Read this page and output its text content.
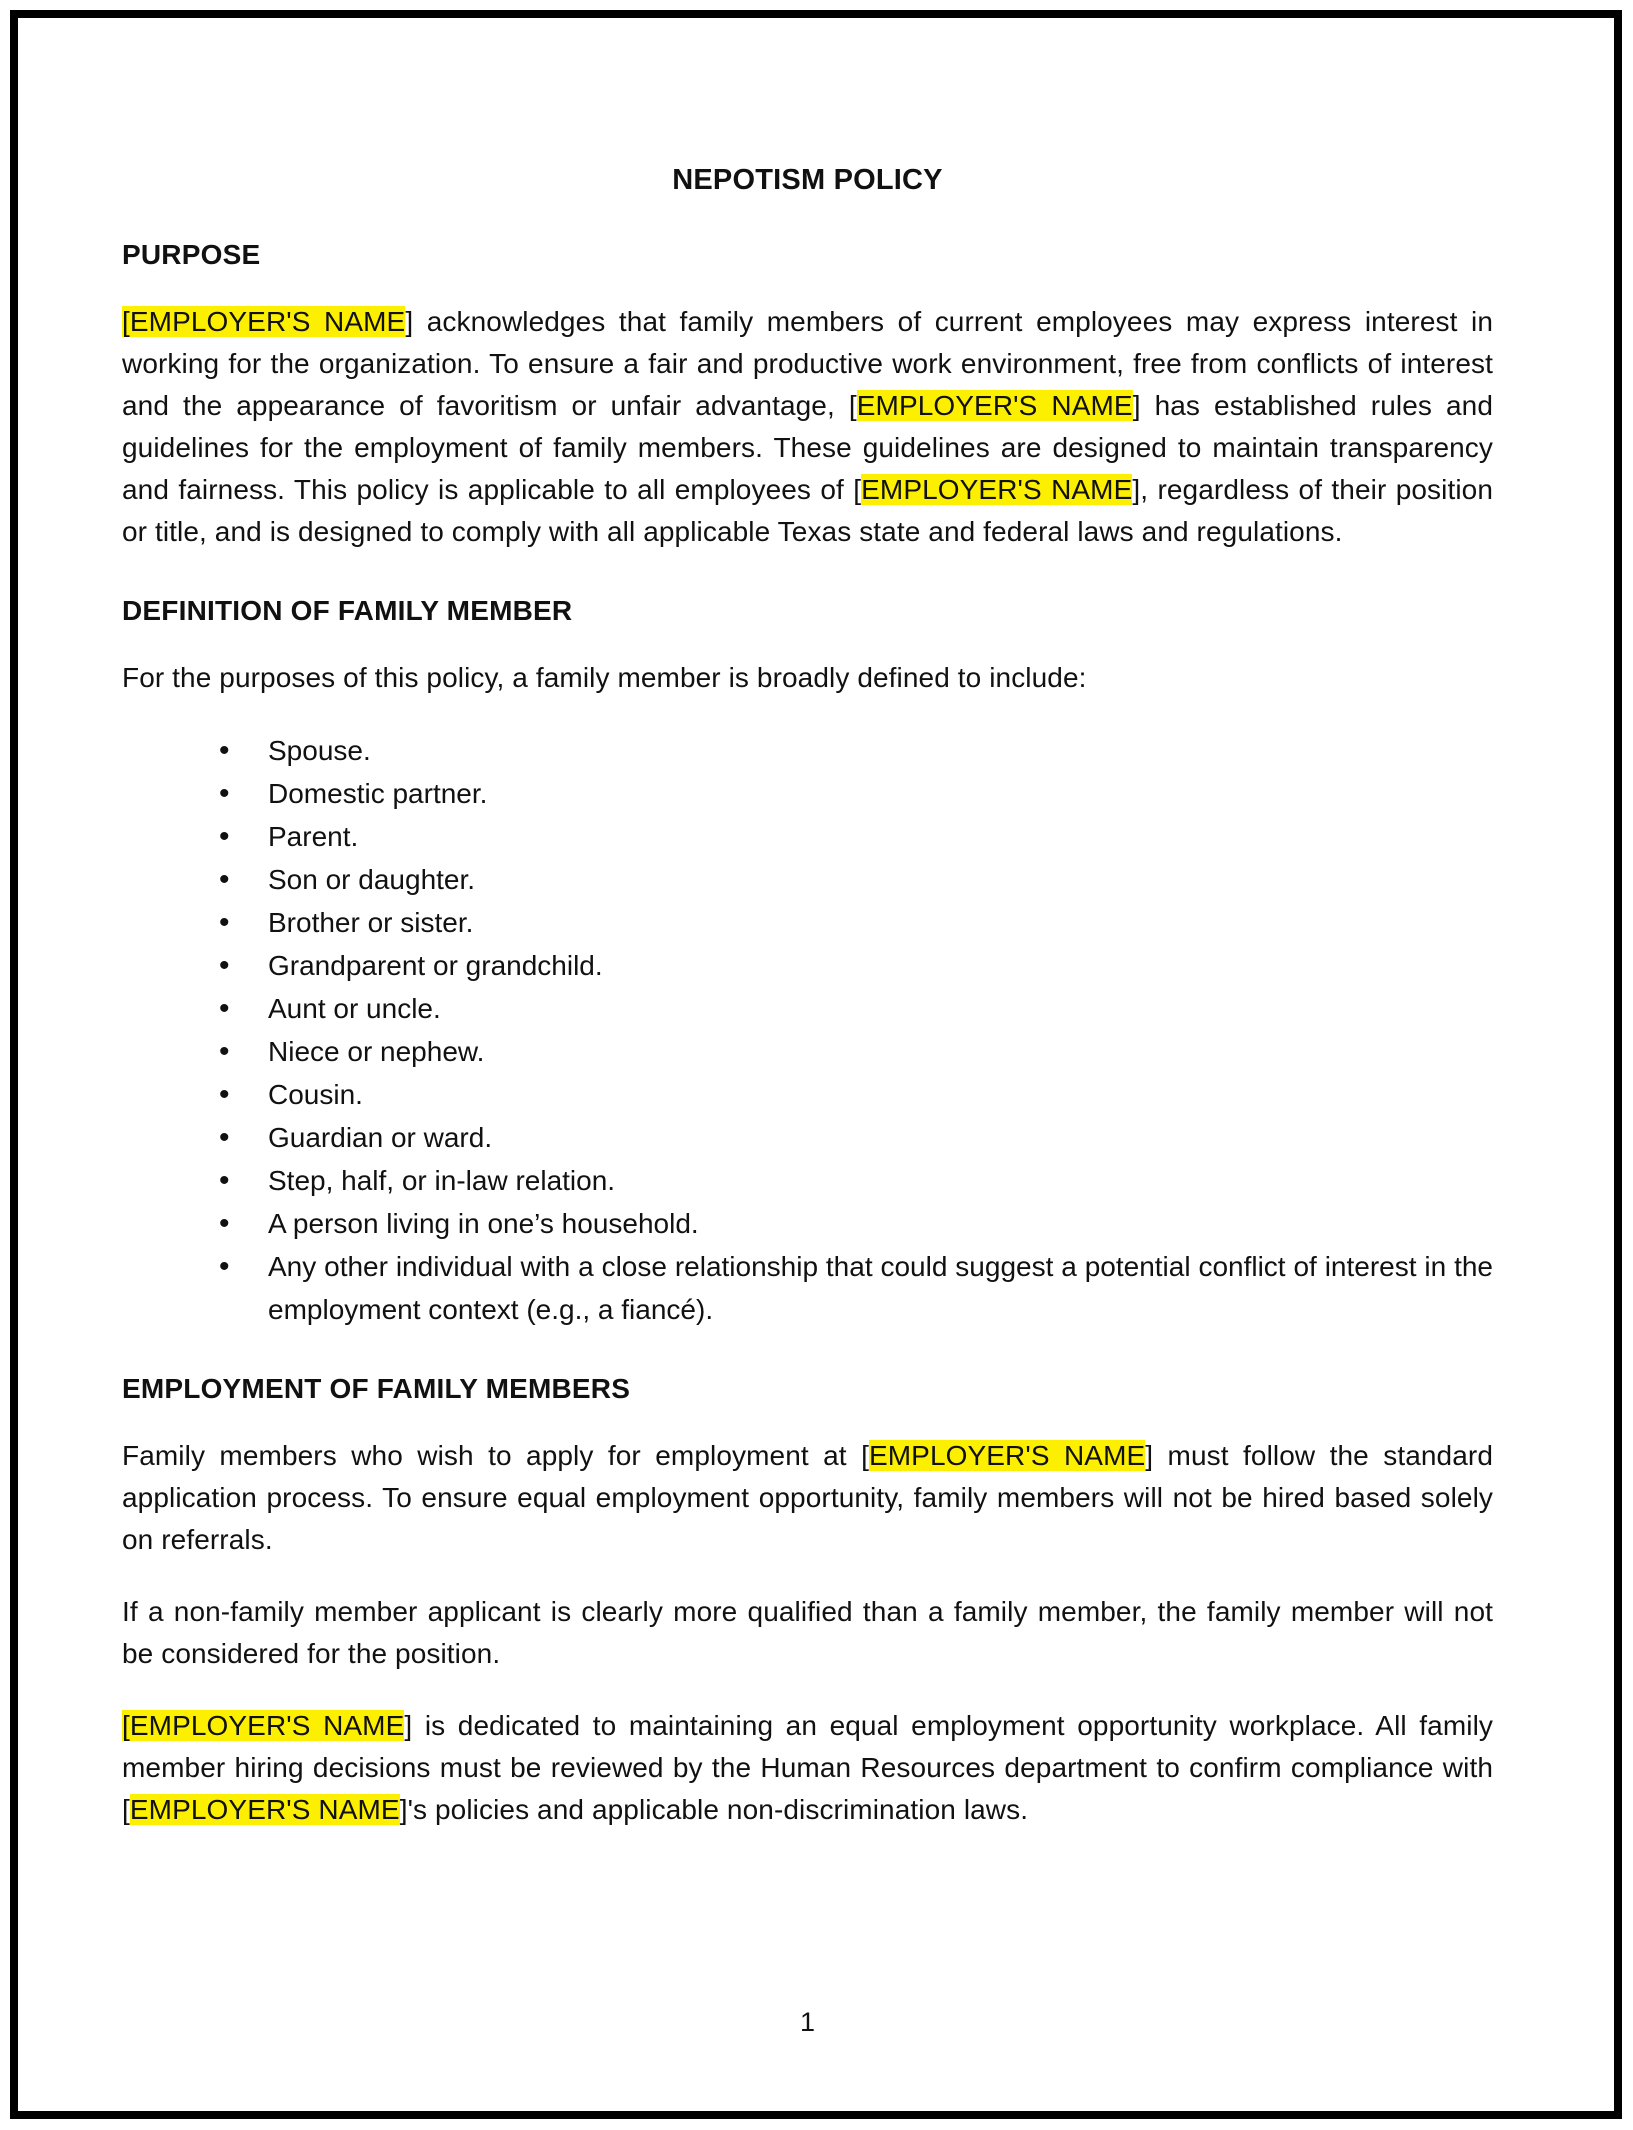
NEPOTISM POLICY
PURPOSE

[EMPLOYER'S NAME] acknowledges that family members of current employees may express interest in working for the organization. To ensure a fair and productive work environment, free from conflicts of interest and the appearance of favoritism or unfair advantage, [EMPLOYER'S NAME] has established rules and guidelines for the employment of family members. These guidelines are designed to maintain transparency and fairness. This policy is applicable to all employees of [EMPLOYER'S NAME], regardless of their position or title, and is designed to comply with all applicable Texas state and federal laws and regulations.

DEFINITION OF FAMILY MEMBER

For the purposes of this policy, a family member is broadly defined to include:

• Spouse.
• Domestic partner.
• Parent.
• Son or daughter.
• Brother or sister.
• Grandparent or grandchild.
• Aunt or uncle.
• Niece or nephew.
• Cousin.
• Guardian or ward.
• Step, half, or in-law relation.
• A person living in one’s household.
• Any other individual with a close relationship that could suggest a potential conflict of interest in the employment context (e.g., a fiancé).
EMPLOYMENT OF FAMILY MEMBERS

Family members who wish to apply for employment at [EMPLOYER'S NAME] must follow the standard application process. To ensure equal employment opportunity, family members will not be hired based solely on referrals.

If a non-family member applicant is clearly more qualified than a family member, the family member will not be considered for the position.

[EMPLOYER'S NAME] is dedicated to maintaining an equal employment opportunity workplace. All family member hiring decisions must be reviewed by the Human Resources department to confirm compliance with [EMPLOYER'S NAME]'s policies and applicable non-discrimination laws.

1
